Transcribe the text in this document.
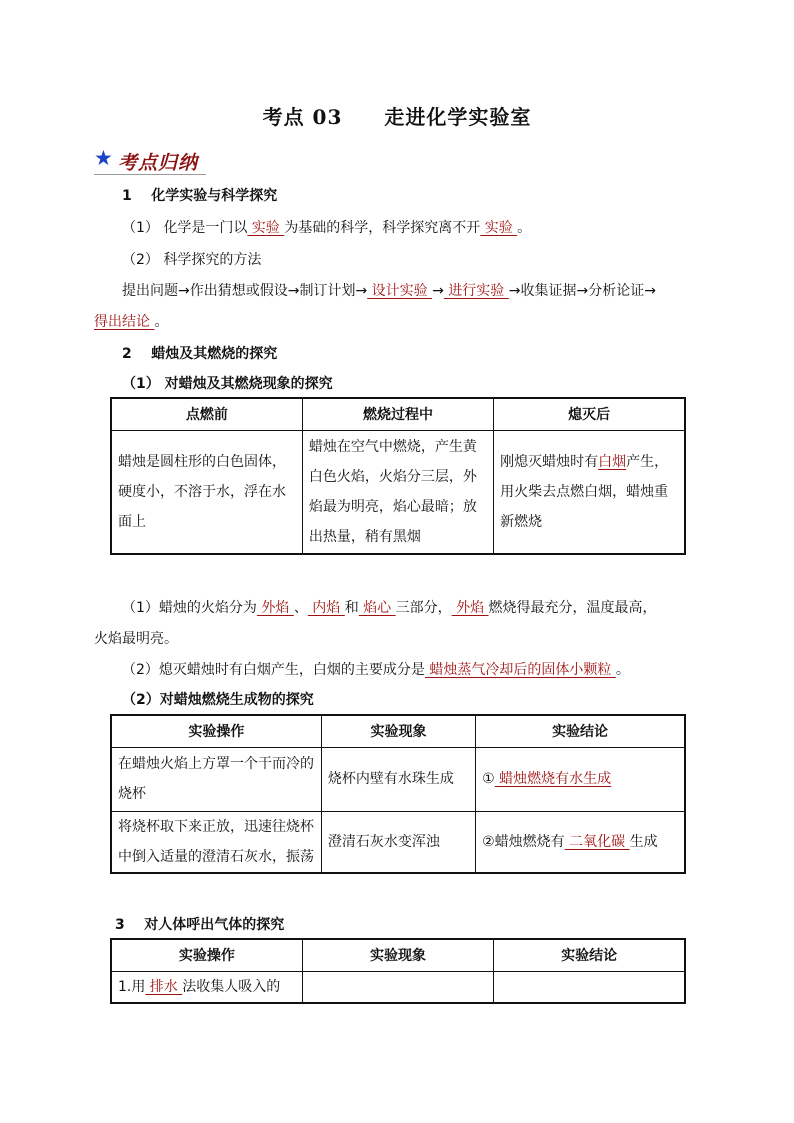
考点 03 走进化学实验室
★ 考点归纳
1 化学实验与科学探究
（1） 化学是一门以 实验 为基础的科学，科学探究离不开 实验 。
（2） 科学探究的方法
提出问题→作出猜想或假设→制订计划→ 设计实验 → 进行实验 →收集证据→分析论证→
得出结论 。
2 蜡烛及其燃烧的探究
（1） 对蜡烛及其燃烧现象的探究
点燃前	燃烧过程中	熄灭后
蜡烛是圆柱形的白色固体，硬度小，不溶于水，浮在水面上	蜡烛在空气中燃烧，产生黄白色火焰，火焰分三层，外焰最为明亮，焰心最暗；放出热量，稍有黑烟	刚熄灭蜡烛时有白烟产生，用火柴去点燃白烟，蜡烛重新燃烧
（1）蜡烛的火焰分为 外焰 、 内焰 和 焰心 三部分， 外焰 燃烧得最充分，温度最高，
火焰最明亮。
（2）熄灭蜡烛时有白烟产生，白烟的主要成分是 蜡烛蒸气冷却后的固体小颗粒 。
（2）对蜡烛燃烧生成物的探究
实验操作	实验现象	实验结论
在蜡烛火焰上方罩一个干而冷的烧杯	烧杯内壁有水珠生成	① 蜡烛燃烧有水生成
将烧杯取下来正放，迅速往烧杯中倒入适量的澄清石灰水，振荡	澄清石灰水变浑浊	②蜡烛燃烧有 二氧化碳 生成
3 对人体呼出气体的探究
实验操作	实验现象	实验结论
1.用 排水 法收集人吸入的		
